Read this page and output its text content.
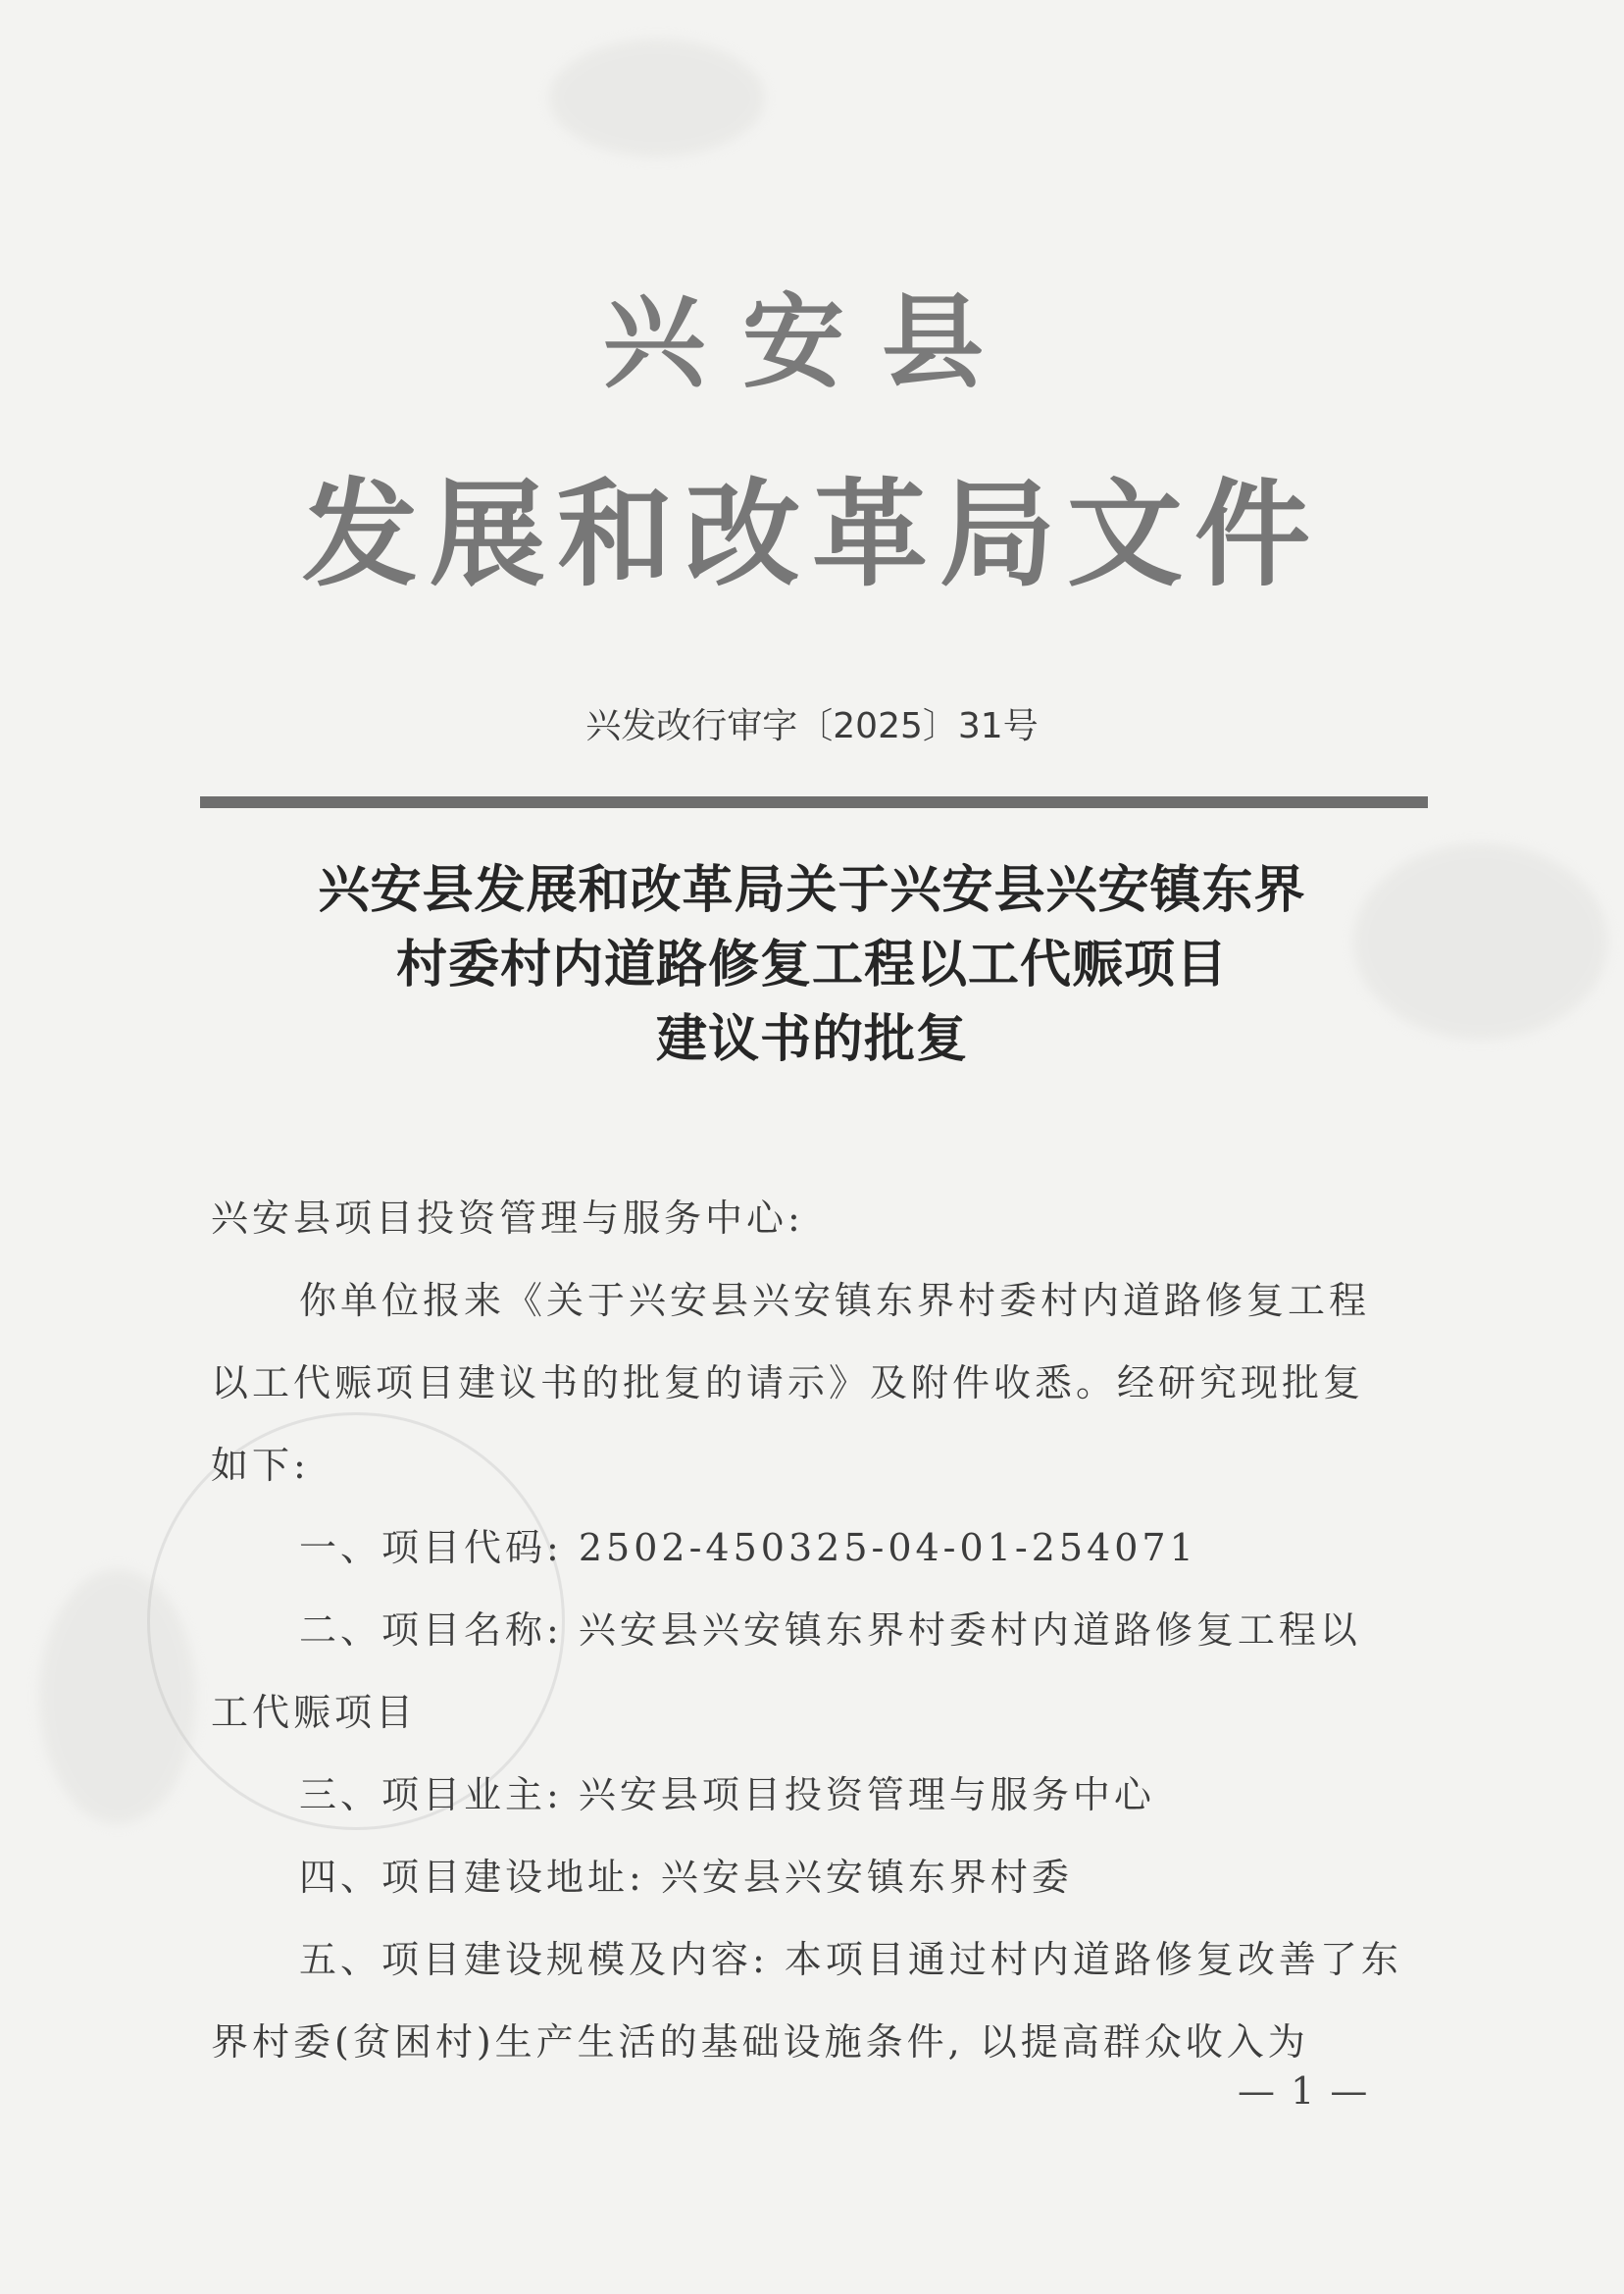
兴安县
发展和改革局文件
兴发改行审字〔2025〕31号
兴安县发展和改革局关于兴安县兴安镇东界
村委村内道路修复工程以工代赈项目
建议书的批复
兴安县项目投资管理与服务中心:
你单位报来《关于兴安县兴安镇东界村委村内道路修复工程
以工代赈项目建议书的批复的请示》及附件收悉。经研究现批复
如下:
一、项目代码: 2502-450325-04-01-254071
二、项目名称: 兴安县兴安镇东界村委村内道路修复工程以
工代赈项目
三、项目业主: 兴安县项目投资管理与服务中心
四、项目建设地址: 兴安县兴安镇东界村委
五、项目建设规模及内容: 本项目通过村内道路修复改善了东
界村委(贫困村)生产生活的基础设施条件, 以提高群众收入为
— 1 —
